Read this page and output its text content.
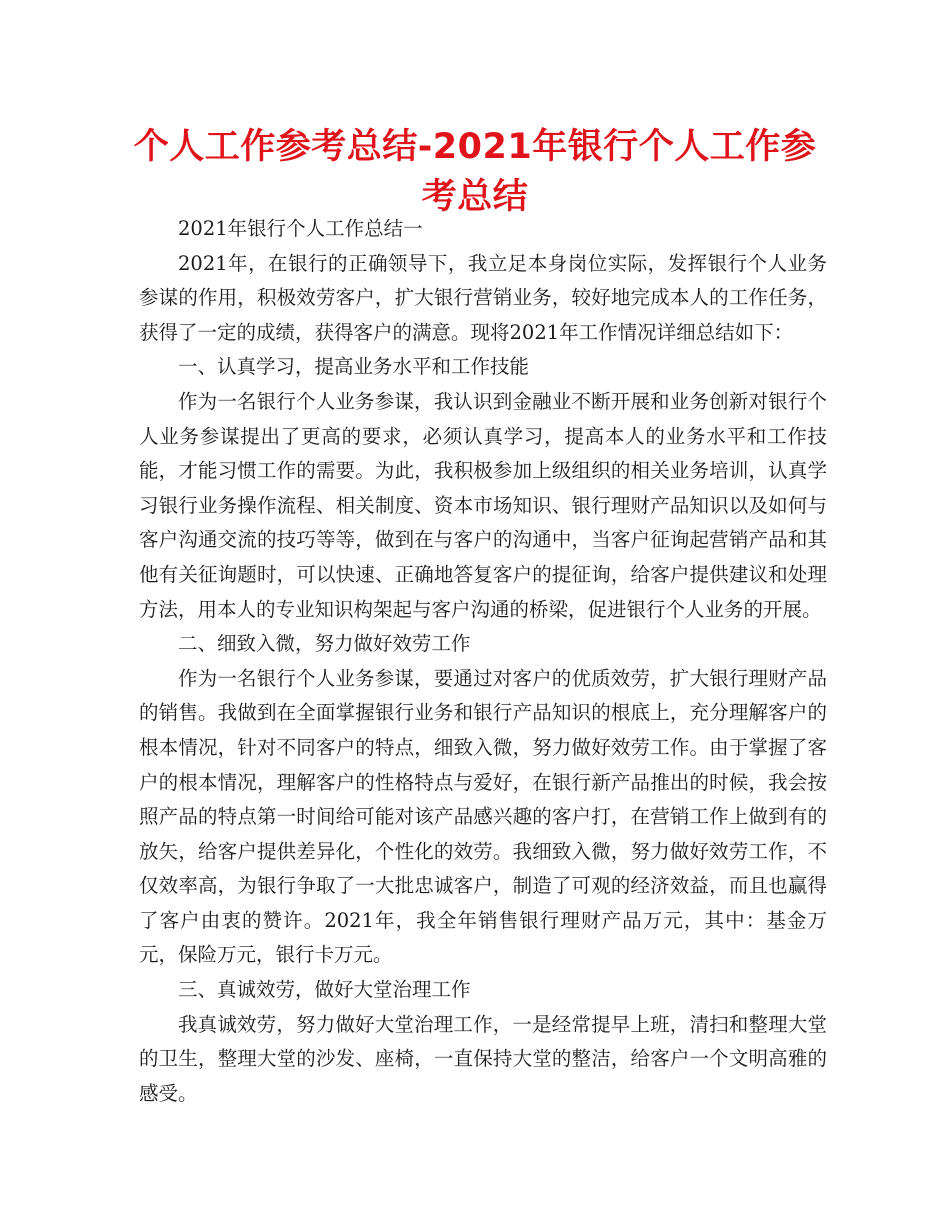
个人工作参考总结-2021年银行个人工作参考总结

2021年银行个人工作总结一

2021年，在银行的正确领导下，我立足本身岗位实际，发挥银行个人业务参谋的作用，积极效劳客户，扩大银行营销业务，较好地完成本人的工作任务，获得了一定的成绩，获得客户的满意。现将2021年工作情况详细总结如下：

一、认真学习，提高业务水平和工作技能

作为一名银行个人业务参谋，我认识到金融业不断开展和业务创新对银行个人业务参谋提出了更高的要求，必须认真学习，提高本人的业务水平和工作技能，才能习惯工作的需要。为此，我积极参加上级组织的相关业务培训，认真学习银行业务操作流程、相关制度、资本市场知识、银行理财产品知识以及如何与客户沟通交流的技巧等等，做到在与客户的沟通中，当客户征询起营销产品和其他有关征询题时，可以快速、正确地答复客户的提征询，给客户提供建议和处理方法，用本人的专业知识构架起与客户沟通的桥梁，促进银行个人业务的开展。

二、细致入微，努力做好效劳工作

作为一名银行个人业务参谋，要通过对客户的优质效劳，扩大银行理财产品的销售。我做到在全面掌握银行业务和银行产品知识的根底上，充分理解客户的根本情况，针对不同客户的特点，细致入微，努力做好效劳工作。由于掌握了客户的根本情况，理解客户的性格特点与爱好，在银行新产品推出的时候，我会按照产品的特点第一时间给可能对该产品感兴趣的客户打，在营销工作上做到有的放矢，给客户提供差异化，个性化的效劳。我细致入微，努力做好效劳工作，不仅效率高，为银行争取了一大批忠诚客户，制造了可观的经济效益，而且也赢得了客户由衷的赞许。2021年，我全年销售银行理财产品万元，其中：基金万元，保险万元，银行卡万元。

三、真诚效劳，做好大堂治理工作

我真诚效劳，努力做好大堂治理工作，一是经常提早上班，清扫和整理大堂的卫生，整理大堂的沙发、座椅，一直保持大堂的整洁，给客户一个文明高雅的感受。
